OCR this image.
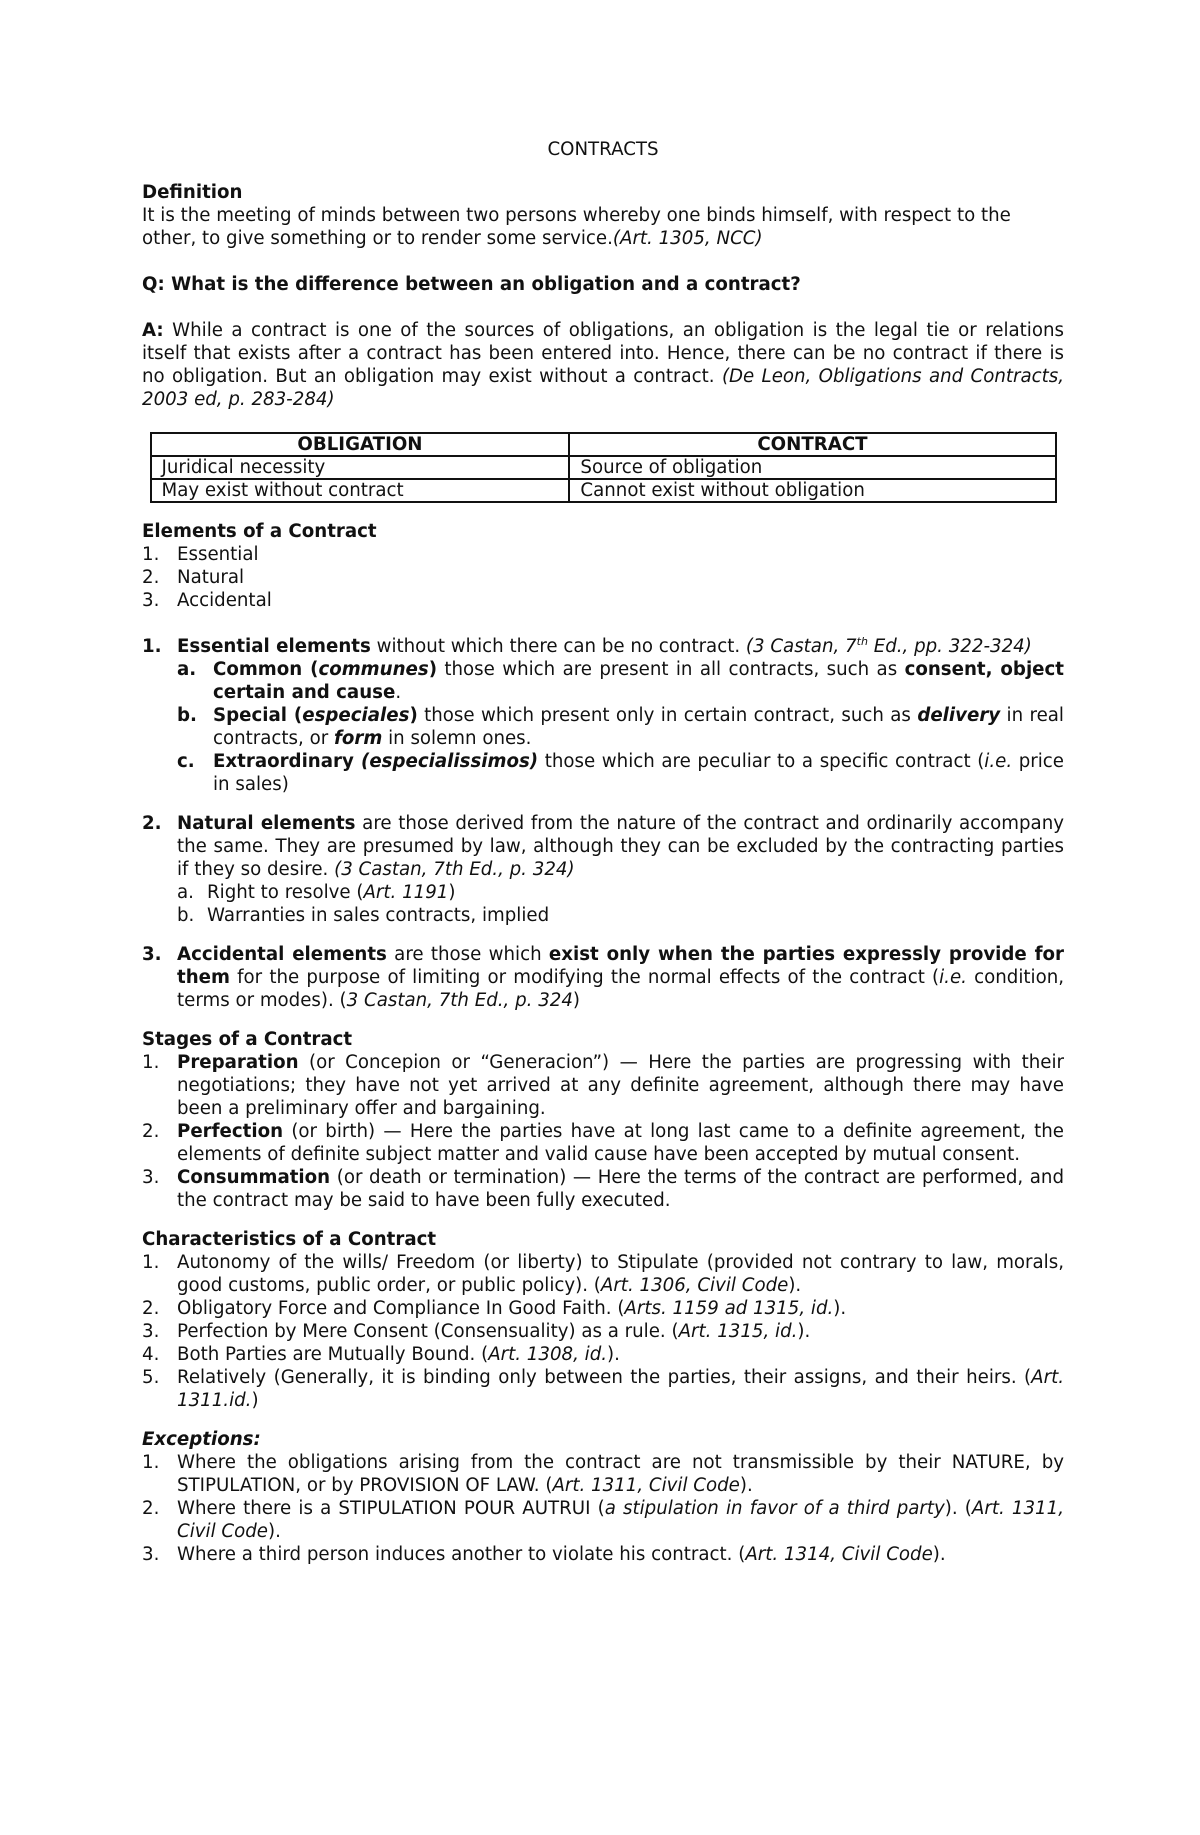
CONTRACTS

Definition

It is the meeting of minds between two persons whereby one binds himself, with respect to the other, to give something or to render some service.(Art. 1305, NCC)

Q: What is the difference between an obligation and a contract?

A: While a contract is one of the sources of obligations, an obligation is the legal tie or relations itself that exists after a contract has been entered into. Hence, there can be no contract if there is no obligation. But an obligation may exist without a contract. (De Leon, Obligations and Contracts, 2003 ed, p. 283-284)

OBLIGATION	CONTRACT
Juridical necessity	Source of obligation
May exist without contract	Cannot exist without obligation

Elements of a Contract

1. Essential
2. Natural
3. Accidental
1. Essential elements without which there can be no contract. (3 Castan, 7th Ed., pp. 322-324)
a. Common (communes) those which are present in all contracts, such as consent, object certain and cause.
b. Special (especiales) those which present only in certain contract, such as delivery in real contracts, or form in solemn ones.
c. Extraordinary (especialissimos) those which are peculiar to a specific contract (i.e. price in sales)
2. Natural elements are those derived from the nature of the contract and ordinarily accompany the same. They are presumed by law, although they can be excluded by the contracting parties if they so desire. (3 Castan, 7th Ed., p. 324)
a. Right to resolve (Art. 1191)
b. Warranties in sales contracts, implied
3. Accidental elements are those which exist only when the parties expressly provide for them for the purpose of limiting or modifying the normal effects of the contract (i.e. condition, terms or modes). (3 Castan, 7th Ed., p. 324)

Stages of a Contract

1. Preparation (or Concepion or “Generacion”) — Here the parties are progressing with their negotiations; they have not yet arrived at any definite agreement, although there may have been a preliminary offer and bargaining.
2. Perfection (or birth) — Here the parties have at long last came to a definite agreement, the elements of definite subject matter and valid cause have been accepted by mutual consent.
3. Consummation (or death or termination) — Here the terms of the contract are performed, and the contract may be said to have been fully executed.

Characteristics of a Contract

1. Autonomy of the wills/ Freedom (or liberty) to Stipulate (provided not contrary to law, morals, good customs, public order, or public policy). (Art. 1306, Civil Code).
2. Obligatory Force and Compliance In Good Faith. (Arts. 1159 ad 1315, id.).
3. Perfection by Mere Consent (Consensuality) as a rule. (Art. 1315, id.).
4. Both Parties are Mutually Bound. (Art. 1308, id.).
5. Relatively (Generally, it is binding only between the parties, their assigns, and their heirs. (Art. 1311.id.)

Exceptions:

1. Where the obligations arising from the contract are not transmissible by their NATURE, by STIPULATION, or by PROVISION OF LAW. (Art. 1311, Civil Code).
2. Where there is a STIPULATION POUR AUTRUI (a stipulation in favor of a third party). (Art. 1311, Civil Code).
3. Where a third person induces another to violate his contract. (Art. 1314, Civil Code).
